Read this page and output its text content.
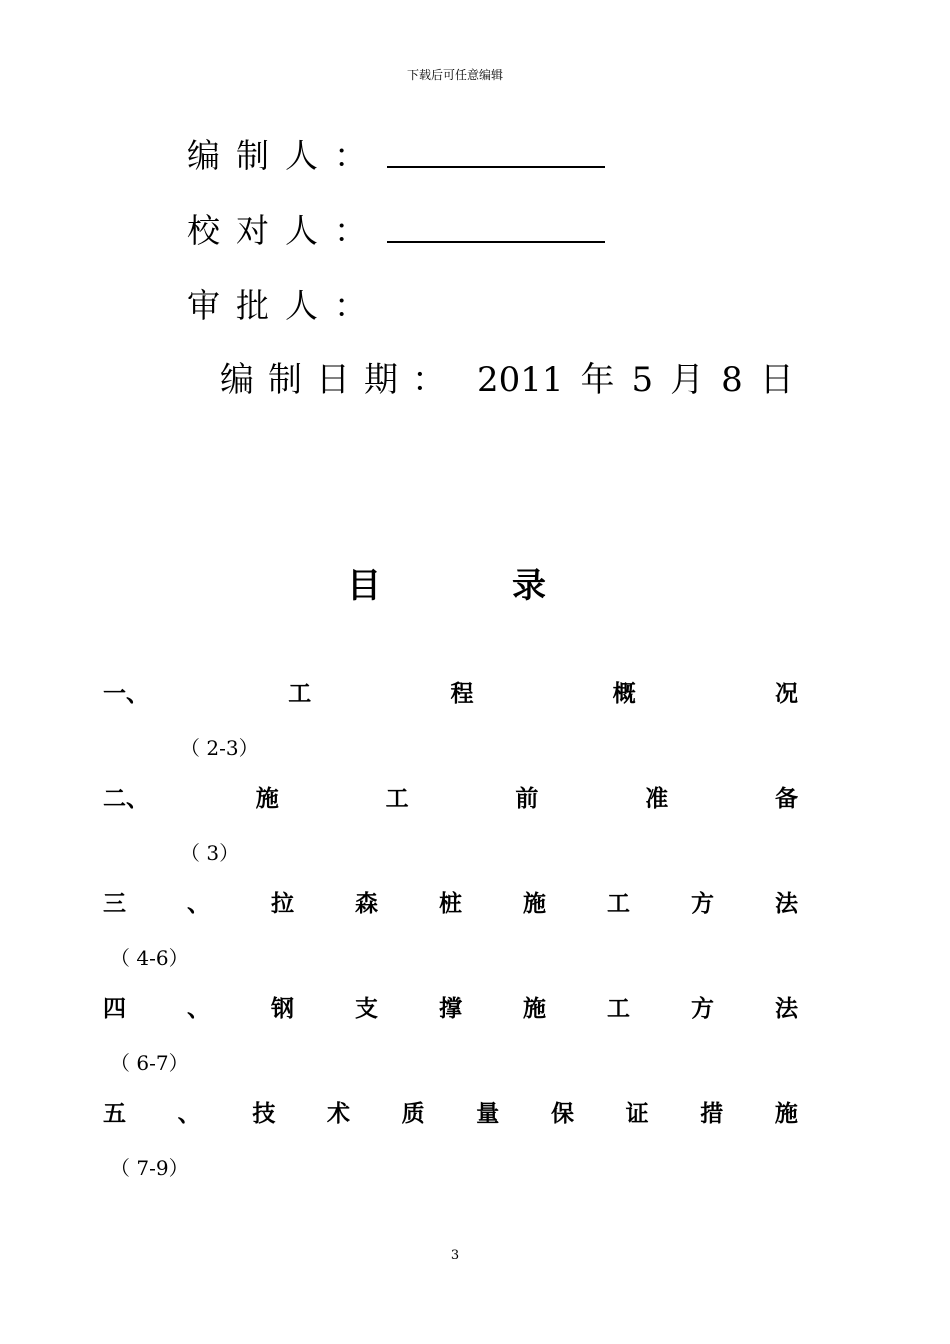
下载后可任意编辑
编制人：
校对人：
审批人：
编制日期： 2011 年 5 月 8 日
目	录
一、	工	程	概	况
（ 2-3）
二、	施	工	前	准	备
（ 3）
三	、	拉	森	桩	施	工	方	法
（ 4-6）
四	、	钢	支	撑	施	工	方	法
（ 6-7）
五 、 技 术 质 量 保 证 措 施
（ 7-9）
3
